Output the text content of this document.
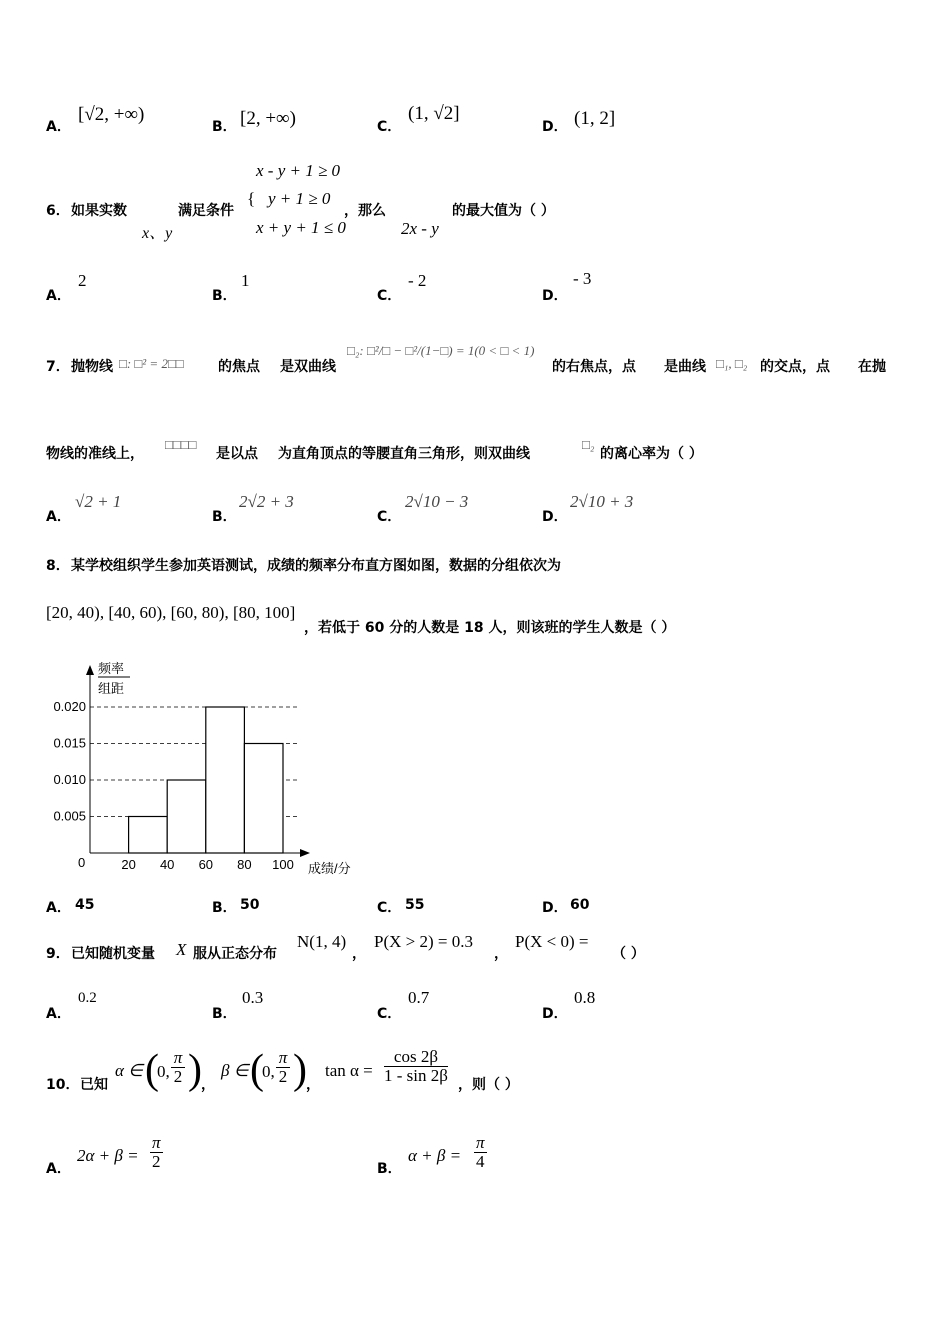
A．
[√2, +∞)
B． [2, +∞)	C．
(1, √2]
D． (1, 2]
x - y + 1 ≥ 0
{ y + 1 ≥ 0
x + y + 1 ≤ 0
6． 如果实数
x、y
满足条件	，那么
2x - y
的最大值为（ ）
A．
2
B．
1
C．
- 2
D．
- 3
7． 抛物线 □: □² = 2□□ 的焦点 是双曲线
□₂: □²/□ − □²/(1−□) = 1(0 < □ < 1)
的右焦点，点 是曲线 □₁, □₂ 的交点，点 在抛
物线的准线上，
□□□□
是以点 为直角顶点的等腰直角三角形，则双曲线
□₂
的离心率为（ ）
A．
√2 + 1
B．
2√2 + 3
C．
2√10 − 3
D．
2√10 + 3
8． 某学校组织学生参加英语测试，成绩的频率分布直方图如图，数据的分组依次为
[20, 40), [40, 60), [60, 80), [80, 100]
，若低于 60 分的人数是 18 人，则该班的学生人数是（ ）
0.005
0.010
0.015
0.020
20 40 60 80 100
频率
组距
0	成绩/分
A． 45	B． 50	C． 55	D． 60
9． 已知随机变量 X 服从正态分布
N(1, 4)
，
P(X > 2) = 0.3
，
P(X < 0) =
（ ）
A．
0.2
B．
0.3
C．
0.7
D．
0.8
10． 已知
α ∈ (
0, $\frac{\pi}{2}$ ) ，
β ∈ (
0, $\frac{\pi}{2}$ ) ，
$\tan \alpha = \frac{\cos 2\beta}{1 - \sin 2\beta}$ ，则（ ）
A．
$2\alpha + \beta = \frac{\pi}{2}$	B．
$\alpha + \beta = \frac{\pi}{4}$
